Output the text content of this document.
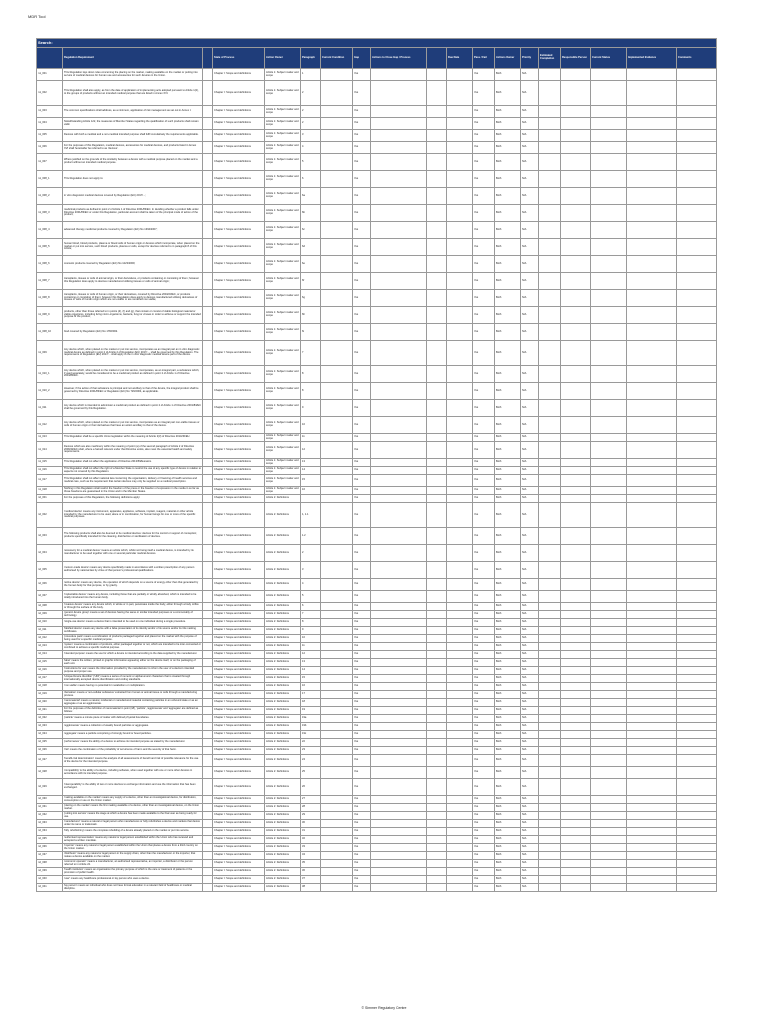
MDR Tool
Search:																		
	Regulation Requirement		State of Process	Action Owner	Paragraph	Current Condition	Gap	Actions to Close Gap / Process		Due Date	Pass / Fail	Actions Owner	Priority	Estimated Completion	Responsible Person	Current Status	Implemented Evidence	Comments
n1_001	This Regulation lays down rules concerning the placing on the market, making available on the market or putting into service of medical devices for human use and accessories for such devices in the Union.		Chapter I: Scope and definitions	Article 1: Subject matter and scope	1		Yes				Yes	Both	N/A					
n1_002	This Regulation shall also apply, as from the date of application of implementing acts adopted pursuant to Article 1(2), to the groups of products without an intended medical purpose that are listed in Annex XVI.		Chapter I: Scope and definitions	Article 1: Subject matter and scope	2		Yes				Yes	Both	N/A					
n1_003	The common specifications shall address, as a minimum, application of risk management as set out in Annex I.		Chapter I: Scope and definitions	Article 1: Subject matter and scope	2		Yes				Yes	Both	N/A					
n1_004	Notwithstanding Article 122, the measures of Member States regarding the qualification of such products shall remain valid.		Chapter I: Scope and definitions	Article 1: Subject matter and scope	2		Yes				Yes	Both	N/A					
n1_005	Devices with both a medical and a non-medical intended purpose shall fulfil cumulatively the requirements applicable.		Chapter I: Scope and definitions	Article 1: Subject matter and scope	3		Yes				Yes	Both	N/A					
n1_006	For the purposes of this Regulation, medical devices, accessories for medical devices, and products listed in Annex XVI shall hereinafter be referred to as 'devices'.		Chapter I: Scope and definitions	Article 1: Subject matter and scope	4		Yes				Yes	Both	N/A					
n1_007	Where justified on the grounds of the similarity between a device with a medical purpose placed on the market and a product without an intended medical purpose.		Chapter I: Scope and definitions	Article 1: Subject matter and scope	5		Yes				Yes	Both	N/A					
n1_008_1	This Regulation does not apply to:		Chapter I: Scope and definitions	Article 1: Subject matter and scope	6		Yes				Yes	Both	N/A					
n1_008_2	in vitro diagnostic medical devices covered by Regulation (EU) 2017/...;		Chapter I: Scope and definitions	Article 1: Subject matter and scope	6a		Yes				Yes	Both	N/A					
n1_008_3	medicinal products as defined in point 2 of Article 1 of Directive 2001/83/EC. In deciding whether a product falls under Directive 2001/83/EC or under this Regulation, particular account shall be taken of the principal mode of action of the product;		Chapter I: Scope and definitions	Article 1: Subject matter and scope	6b		Yes				Yes	Both	N/A					
n1_008_4	advanced therapy medicinal products covered by Regulation (EC) No 1394/2007;		Chapter I: Scope and definitions	Article 1: Subject matter and scope	6c		Yes				Yes	Both	N/A					
n1_008_5	human blood, blood products, plasma or blood cells of human origin or devices which incorporate, when placed on the market or put into service, such blood products, plasma or cells, except for devices referred to in paragraph 8 of this Article;		Chapter I: Scope and definitions	Article 1: Subject matter and scope	6d		Yes				Yes	Both	N/A					
n1_008_6	cosmetic products covered by Regulation (EC) No 1223/2009;		Chapter I: Scope and definitions	Article 1: Subject matter and scope	6e		Yes				Yes	Both	N/A					
n1_008_7	transplants, tissues or cells of animal origin, or their derivatives, or products containing or consisting of them; however this Regulation does apply to devices manufactured utilising tissues or cells of animal origin;		Chapter I: Scope and definitions	Article 1: Subject matter and scope	6f		Yes				Yes	Both	N/A					
n1_008_8	transplants, tissues or cells of human origin, or their derivatives, covered by Directive 2004/23/EC, or products containing or consisting of them; however this Regulation does apply to devices manufactured utilising derivatives of tissues or cells of human origin which are non-viable or are rendered non-viable;		Chapter I: Scope and definitions	Article 1: Subject matter and scope	6g		Yes				Yes	Both	N/A					
n1_008_9	products, other than those referred to in points (d), (f) and (g), that contain or consist of viable biological material or viable organisms, including living micro-organisms, bacteria, fungi or viruses in order to achieve or support the intended purpose of the product;		Chapter I: Scope and definitions	Article 1: Subject matter and scope	6h		Yes				Yes	Both	N/A					
n1_008_10	food covered by Regulation (EC) No 178/2002.		Chapter I: Scope and definitions	Article 1: Subject matter and scope	6i		Yes				Yes	Both	N/A					
n1_009	Any device which, when placed on the market or put into service, incorporates as an integral part an in vitro diagnostic medical device as defined in point 2 of Article 2 of Regulation (EU) 2017/..., shall be governed by this Regulation. The requirements of Regulation (EU) 2017/... shall apply to the in vitro diagnostic medical device part of the device.		Chapter I: Scope and definitions	Article 1: Subject matter and scope	7		Yes				Yes	Both	N/A					
n1_010_1	Any device which, when placed on the market or put into service, incorporates, as an integral part, a substance which, if used separately, would be considered to be a medicinal product as defined in point 2 of Article 1 of Directive 2001/83/EC.		Chapter I: Scope and definitions	Article 1: Subject matter and scope	8		Yes				Yes	Both	N/A					
n1_010_2	However, if the action of that substance is principal and not ancillary to that of the device, the integral product shall be governed by Directive 2001/83/EC or Regulation (EC) No 726/2004, as applicable.		Chapter I: Scope and definitions	Article 1: Subject matter and scope	8		Yes				Yes	Both	N/A					
n1_011	Any device which is intended to administer a medicinal product as defined in point 2 of Article 1 of Directive 2001/83/EC shall be governed by this Regulation.		Chapter I: Scope and definitions	Article 1: Subject matter and scope	9		Yes				Yes	Both	N/A					
n1_012	Any device which, when placed on the market or put into service, incorporates as an integral part non-viable tissues or cells of human origin or their derivatives that have an action ancillary to that of the device.		Chapter I: Scope and definitions	Article 1: Subject matter and scope	10		Yes				Yes	Both	N/A					
n1_013	This Regulation shall be a specific Union legislation within the meaning of Article 2(3) of Directive 2014/30/EU.		Chapter I: Scope and definitions	Article 1: Subject matter and scope	11		Yes				Yes	Both	N/A					
n1_014	Devices which are also machinery within the meaning of point (a) of the second paragraph of Article 2 of Directive 2006/42/EC shall, where a hazard relevant under that Directive exists, also meet the essential health and safety requirements.		Chapter I: Scope and definitions	Article 1: Subject matter and scope	12		Yes				Yes	Both	N/A					
n1_015	This Regulation shall not affect the application of Directive 2013/59/Euratom.		Chapter I: Scope and definitions	Article 1: Subject matter and scope	13		Yes				Yes	Both	N/A					
n1_016	This Regulation shall not affect the right of a Member State to restrict the use of any specific type of device in relation to aspects not covered by this Regulation.		Chapter I: Scope and definitions	Article 1: Subject matter and scope	14		Yes				Yes	Both	N/A					
n1_017	This Regulation shall not affect national law concerning the organisation, delivery or financing of health services and medical care, such as the requirement that certain devices may only be supplied on a medical prescription.		Chapter I: Scope and definitions	Article 1: Subject matter and scope	15		Yes				Yes	Both	N/A					
n1_018	Nothing in this Regulation shall restrict the freedom of the press or the freedom of expression in the media in so far as those freedoms are guaranteed in the Union and in the Member States.		Chapter I: Scope and definitions	Article 1: Subject matter and scope	16		Yes				Yes	Both	N/A					
n2_001	For the purposes of this Regulation, the following definitions apply:		Chapter I: Scope and definitions	Article 2: Definitions			Yes				Yes	Both	N/A					
n2_002	'medical device' means any instrument, apparatus, appliance, software, implant, reagent, material or other article intended by the manufacturer to be used, alone or in combination, for human beings for one or more of the specific medical purposes.		Chapter I: Scope and definitions	Article 2: Definitions	1, 1.1		Yes				Yes	Both	N/A					
n2_003	The following products shall also be deemed to be medical devices: devices for the control or support of conception; products specifically intended for the cleaning, disinfection or sterilisation of devices.		Chapter I: Scope and definitions	Article 2: Definitions	1.2		Yes				Yes	Both	N/A					
n2_004	'accessory for a medical device' means an article which, whilst not being itself a medical device, is intended by its manufacturer to be used together with one or several particular medical devices.		Chapter I: Scope and definitions	Article 2: Definitions	2		Yes				Yes	Both	N/A					
n2_005	'custom-made device' means any device specifically made in accordance with a written prescription of any person authorised by national law by virtue of that person's professional qualifications.		Chapter I: Scope and definitions	Article 2: Definitions	3		Yes				Yes	Both	N/A					
n2_006	'active device' means any device, the operation of which depends on a source of energy other than that generated by the human body for that purpose, or by gravity.		Chapter I: Scope and definitions	Article 2: Definitions	4		Yes				Yes	Both	N/A					
n2_007	'implantable device' means any device, including those that are partially or wholly absorbed, which is intended to be totally introduced into the human body.		Chapter I: Scope and definitions	Article 2: Definitions	5		Yes				Yes	Both	N/A					
n2_008	'invasive device' means any device which, in whole or in part, penetrates inside the body, either through a body orifice or through the surface of the body.		Chapter I: Scope and definitions	Article 2: Definitions	6		Yes				Yes	Both	N/A					
n2_009	'generic device group' means a set of devices having the same or similar intended purposes or a commonality of technology.		Chapter I: Scope and definitions	Article 2: Definitions	7		Yes				Yes	Both	N/A					
n2_010	'single-use device' means a device that is intended to be used on one individual during a single procedure.		Chapter I: Scope and definitions	Article 2: Definitions	8		Yes				Yes	Both	N/A					
n2_011	'falsified device' means any device with a false presentation of its identity and/or of its source and/or its CE marking certificates.		Chapter I: Scope and definitions	Article 2: Definitions	9		Yes				Yes	Both	N/A					
n2_012	'procedure pack' means a combination of products packaged together and placed on the market with the purpose of being used for a specific medical purpose.		Chapter I: Scope and definitions	Article 2: Definitions	10		Yes				Yes	Both	N/A					
n2_013	'system' means a combination of products, either packaged together or not, which are intended to be inter-connected or combined to achieve a specific medical purpose.		Chapter I: Scope and definitions	Article 2: Definitions	11		Yes				Yes	Both	N/A					
n2_014	'intended purpose' means the use for which a device is intended according to the data supplied by the manufacturer.		Chapter I: Scope and definitions	Article 2: Definitions	12		Yes				Yes	Both	N/A					
n2_015	'label' means the written, printed or graphic information appearing either on the device itself, or on the packaging of each unit.		Chapter I: Scope and definitions	Article 2: Definitions	13		Yes				Yes	Both	N/A					
n2_016	'instructions for use' means the information provided by the manufacturer to inform the user of a device's intended purpose and proper use.		Chapter I: Scope and definitions	Article 2: Definitions	14		Yes				Yes	Both	N/A					
n2_017	'Unique Device Identifier' ('UDI') means a series of numeric or alphanumeric characters that is created through internationally accepted device identification and coding standards.		Chapter I: Scope and definitions	Article 2: Definitions	15		Yes				Yes	Both	N/A					
n2_018	'non-viable' means having no potential for metabolism or multiplication.		Chapter I: Scope and definitions	Article 2: Definitions	16		Yes				Yes	Both	N/A					
n2_019	'derivative' means a 'non-cellular substance' extracted from human or animal tissue or cells through a manufacturing process.		Chapter I: Scope and definitions	Article 2: Definitions	17		Yes				Yes	Both	N/A					
n2_020	'nanomaterial' means a natural, incidental or manufactured material containing particles in an unbound state or as an aggregate or as an agglomerate.		Chapter I: Scope and definitions	Article 2: Definitions	18		Yes				Yes	Both	N/A					
n2_021	For the purposes of the definition of nanomaterial in point (18), 'particle', 'agglomerate' and 'aggregate' are defined as follows:		Chapter I: Scope and definitions	Article 2: Definitions	19		Yes				Yes	Both	N/A					
n2_022	'particle' means a minute piece of matter with defined physical boundaries.		Chapter I: Scope and definitions	Article 2: Definitions	19a		Yes				Yes	Both	N/A					
n2_023	'agglomerate' means a collection of weakly bound particles or aggregates.		Chapter I: Scope and definitions	Article 2: Definitions	19b		Yes				Yes	Both	N/A					
n2_024	'aggregate' means a particle comprising of strongly bound or fused particles.		Chapter I: Scope and definitions	Article 2: Definitions	19c		Yes				Yes	Both	N/A					
n2_025	'performance' means the ability of a device to achieve its intended purpose as stated by the manufacturer.		Chapter I: Scope and definitions	Article 2: Definitions	22		Yes				Yes	Both	N/A					
n2_026	'risk' means the combination of the probability of occurrence of harm and the severity of that harm.		Chapter I: Scope and definitions	Article 2: Definitions	23		Yes				Yes	Both	N/A					
n2_027	'benefit-risk determination' means the analysis of all assessments of benefit and risk of possible relevance for the use of the device for the intended purpose.		Chapter I: Scope and definitions	Article 2: Definitions	24		Yes				Yes	Both	N/A					
n2_028	'compatibility' is the ability of a device, including software, when used together with one or more other devices in accordance with its intended purpose.		Chapter I: Scope and definitions	Article 2: Definitions	25		Yes				Yes	Both	N/A					
n2_029	'interoperability' is the ability of two or more devices to exchange information and use the information that has been exchanged.		Chapter I: Scope and definitions	Article 2: Definitions	26		Yes				Yes	Both	N/A					
n2_030	'making available on the market' means any supply of a device, other than an investigational device, for distribution, consumption or use on the Union market.		Chapter I: Scope and definitions	Article 2: Definitions	27		Yes				Yes	Both	N/A					
n2_031	'placing on the market' means the first making available of a device, other than an investigational device, on the Union market.		Chapter I: Scope and definitions	Article 2: Definitions	28		Yes				Yes	Both	N/A					
n2_032	'putting into service' means the stage at which a device has been made available to the final user as being ready for use.		Chapter I: Scope and definitions	Article 2: Definitions	29		Yes				Yes	Both	N/A					
n2_033	'manufacturer' means a natural or legal person who manufactures or fully refurbishes a device and markets that device under its name or trademark.		Chapter I: Scope and definitions	Article 2: Definitions	30		Yes				Yes	Both	N/A					
n2_034	'fully refurbishing' means the complete rebuilding of a device already placed on the market or put into service.		Chapter I: Scope and definitions	Article 2: Definitions	31		Yes				Yes	Both	N/A					
n2_035	'authorised representative' means any natural or legal person established within the Union who has received and accepted a written mandate.		Chapter I: Scope and definitions	Article 2: Definitions	32		Yes				Yes	Both	N/A					
n2_036	'importer' means any natural or legal person established within the Union that places a device from a third country on the Union market.		Chapter I: Scope and definitions	Article 2: Definitions	33		Yes				Yes	Both	N/A					
n2_037	'distributor' means any natural or legal person in the supply chain, other than the manufacturer or the importer, that makes a device available on the market.		Chapter I: Scope and definitions	Article 2: Definitions	34		Yes				Yes	Both	N/A					
n2_038	'economic operator' means a manufacturer, an authorised representative, an importer, a distributor or the person referred to in Article 22.		Chapter I: Scope and definitions	Article 2: Definitions	35		Yes				Yes	Both	N/A					
n2_039	'health institution' means an organisation the primary purpose of which is the care or treatment of patients or the promotion of public health.		Chapter I: Scope and definitions	Article 2: Definitions	36		Yes				Yes	Both	N/A					
n2_040	'user' means any healthcare professional or lay person who uses a device.		Chapter I: Scope and definitions	Article 2: Definitions	37		Yes				Yes	Both	N/A					
n2_041	'lay person' means an individual who does not have formal education in a relevant field of healthcare or medical discipline.		Chapter I: Scope and definitions	Article 2: Definitions	38		Yes				Yes	Both	N/A					
© Simmer Regulatory Centre
